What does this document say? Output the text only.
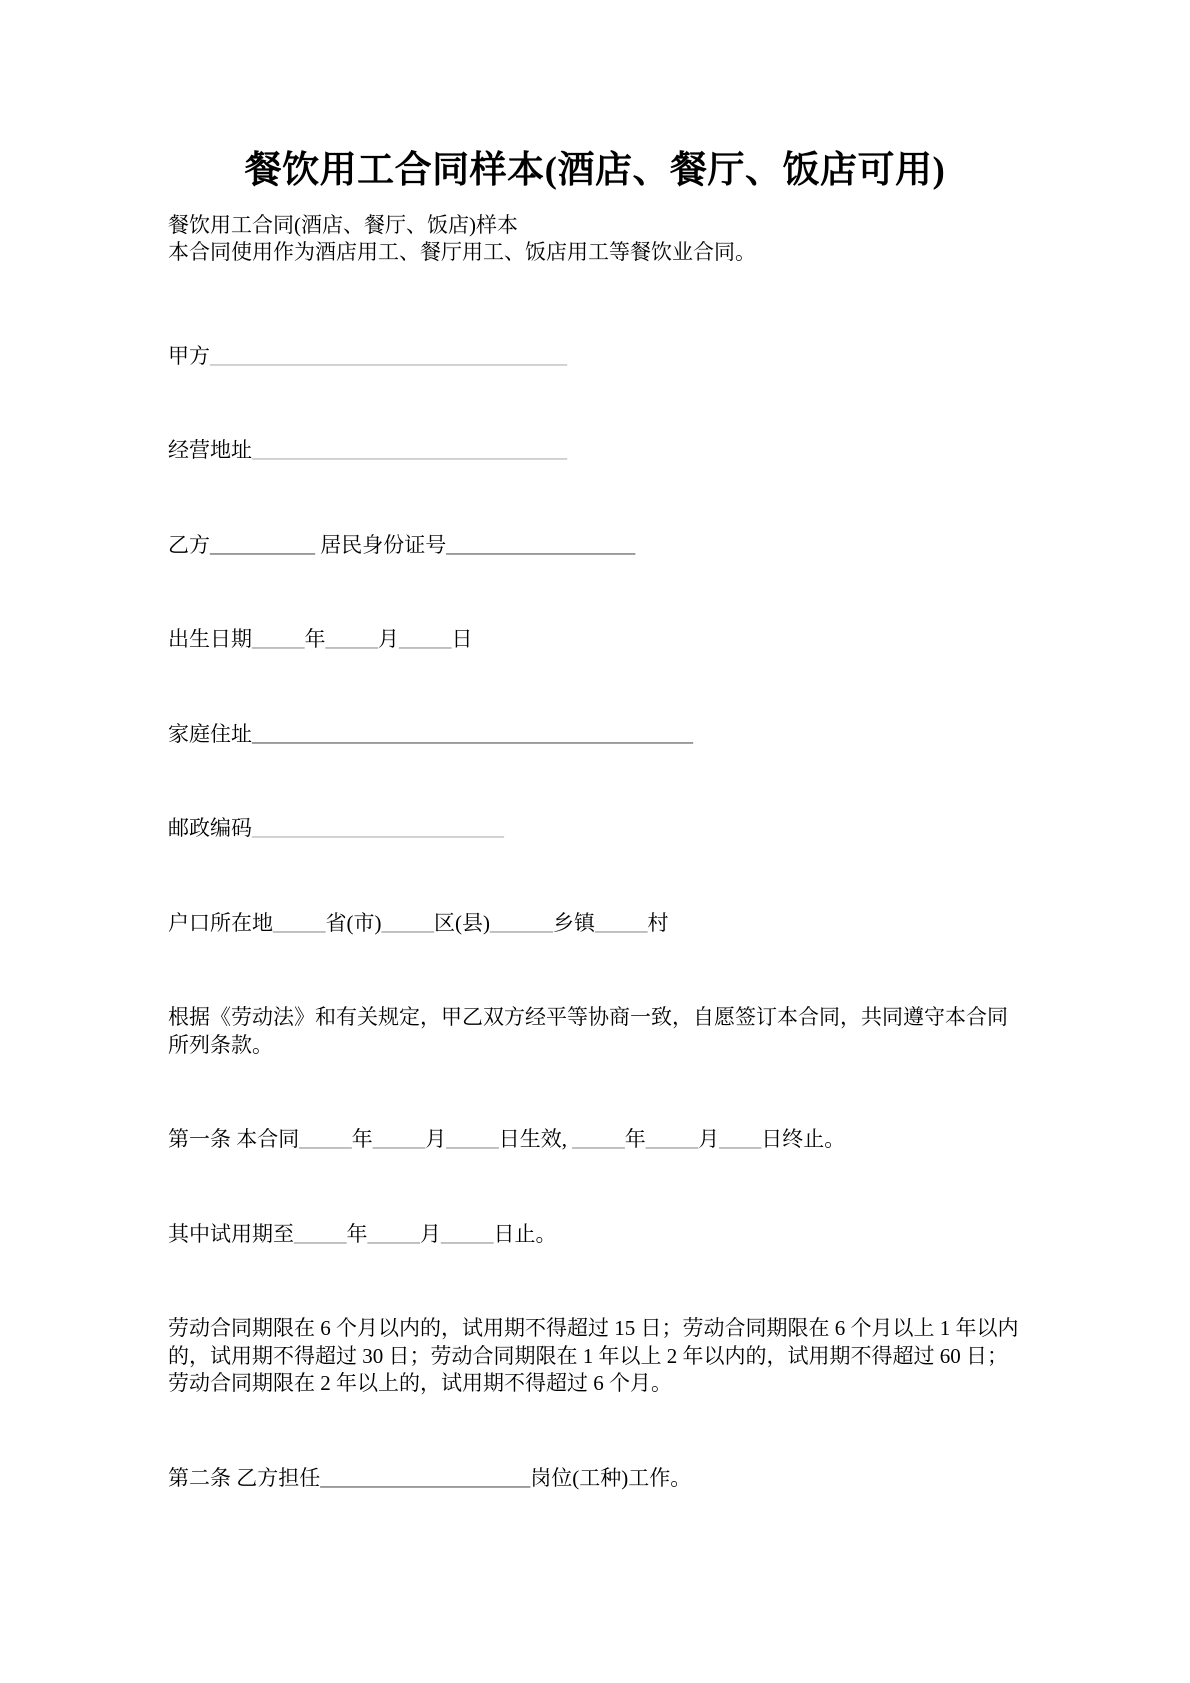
餐饮用工合同样本(酒店、餐厅、饭店可用)

餐饮用工合同(酒店、餐厅、饭店)样本
本合同使用作为酒店用工、餐厅用工、饭店用工等餐饮业合同。

甲方__________________________________

经营地址______________________________

乙方__________ 居民身份证号__________________

出生日期_____年_____月_____日

家庭住址__________________________________________

邮政编码________________________

户口所在地_____省(市)_____区(县)______乡镇_____村

根据《劳动法》和有关规定，甲乙双方经平等协商一致，自愿签订本合同，共同遵守本合同所列条款。

第一条 本合同_____年_____月_____日生效, _____年_____月____日终止。

其中试用期至_____年_____月_____日止。

劳动合同期限在 6 个月以内的，试用期不得超过 15 日；劳动合同期限在 6 个月以上 1 年以内的，试用期不得超过 30 日；劳动合同期限在 1 年以上 2 年以内的，试用期不得超过 60 日；劳动合同期限在 2 年以上的，试用期不得超过 6 个月。

第二条 乙方担任____________________岗位(工种)工作。
